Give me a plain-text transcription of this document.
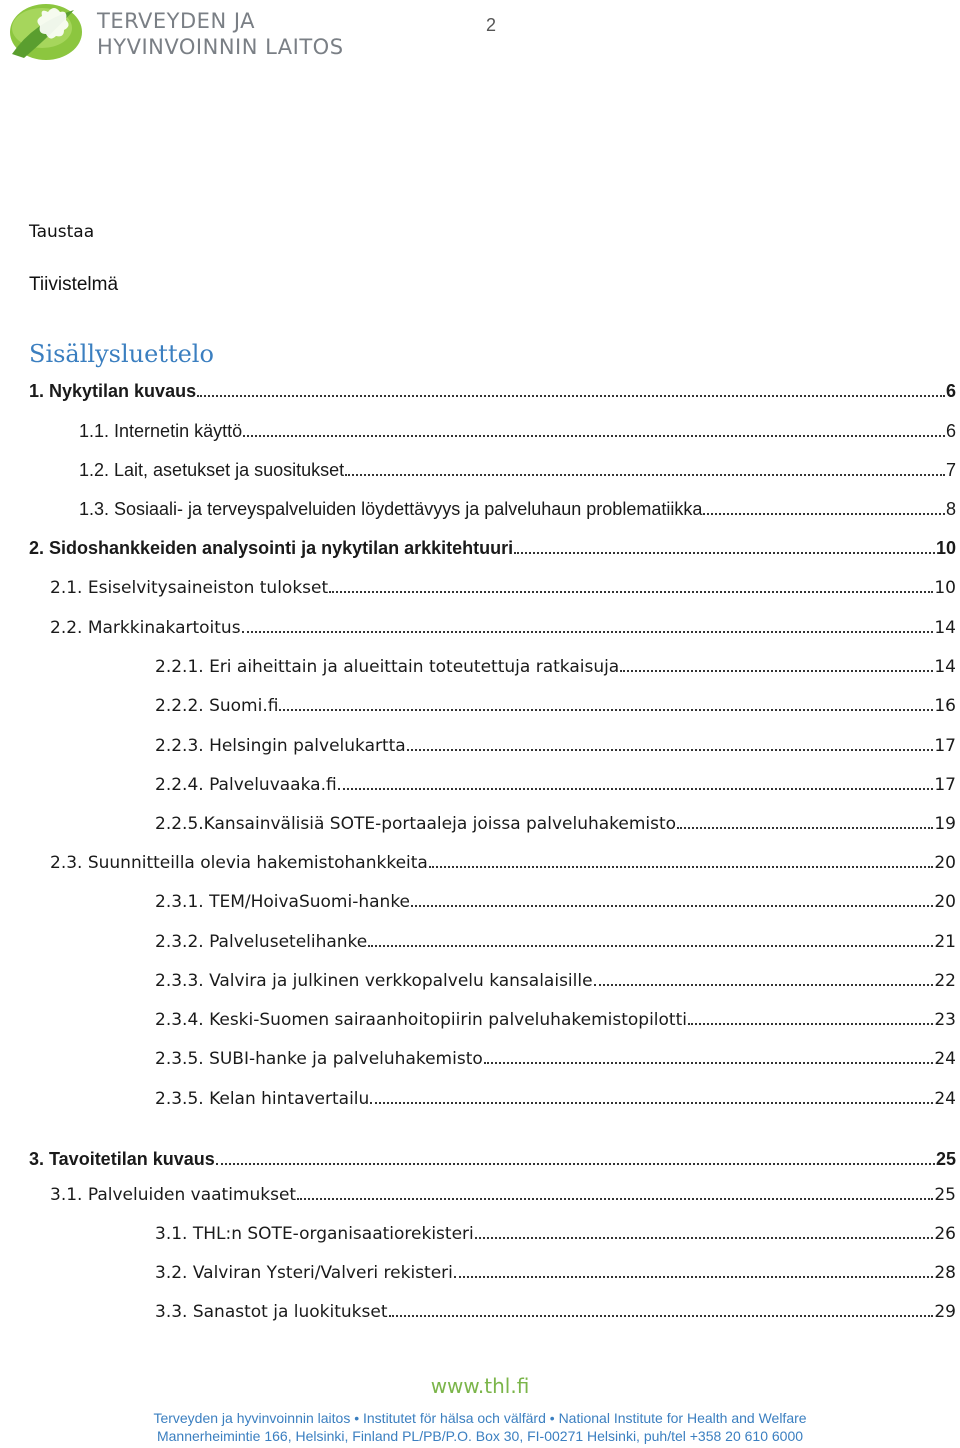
TERVEYDEN JA
HYVINVOINNIN LAITOS
2
Taustaa
Tiivistelmä
Sisällysluettelo
1. Nykytilan kuvaus	6
1.1. Internetin käyttö	6
1.2. Lait, asetukset ja suositukset	7
1.3. Sosiaali- ja terveyspalveluiden löydettävyys ja palveluhaun problematiikka	8
2. Sidoshankkeiden analysointi ja nykytilan arkkitehtuuri	10
2.1. Esiselvitysaineiston tulokset	10
2.2. Markkinakartoitus	14
2.2.1. Eri aiheittain ja alueittain toteutettuja ratkaisuja	14
2.2.2. Suomi.fi	16
2.2.3. Helsingin palvelukartta	17
2.2.4. Palveluvaaka.fi	17
2.2.5.Kansainvälisiä SOTE-portaaleja joissa palveluhakemisto	19
2.3. Suunnitteilla olevia hakemistohankkeita	20
2.3.1. TEM/HoivaSuomi-hanke	20
2.3.2. Palvelusetelihanke	21
2.3.3. Valvira ja julkinen verkkopalvelu kansalaisille	22
2.3.4. Keski-Suomen sairaanhoitopiirin palveluhakemistopilotti	23
2.3.5. SUBI-hanke ja palveluhakemisto	24
2.3.5. Kelan hintavertailu	24
3. Tavoitetilan kuvaus	25
3.1. Palveluiden vaatimukset	25
3.1. THL:n SOTE-organisaatiorekisteri	26
3.2. Valviran Ysteri/Valveri rekisteri	28
3.3. Sanastot ja luokitukset	29
www.thl.fi
Terveyden ja hyvinvoinnin laitos • Institutet för hälsa och välfärd • National Institute for Health and Welfare
Mannerheimintie 166, Helsinki, Finland PL/PB/P.O. Box 30, FI-00271 Helsinki, puh/tel +358 20 610 6000
